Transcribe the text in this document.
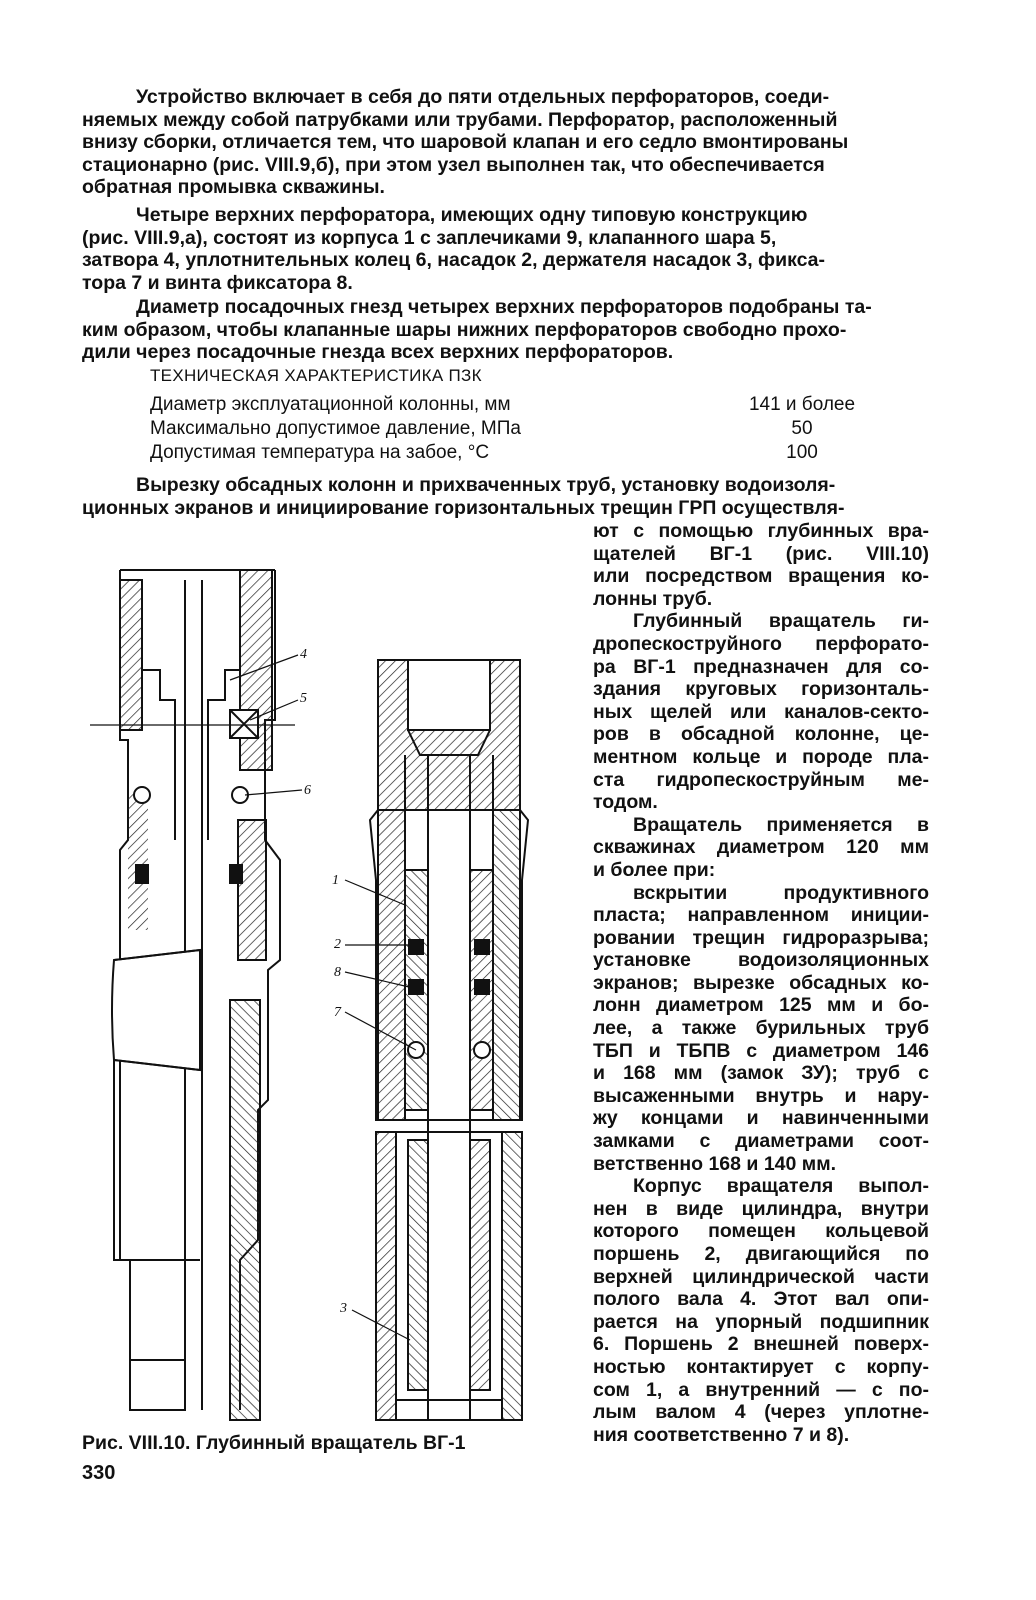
Устройство включает в себя до пяти отдельных перфораторов, соеди-
няемых между собой патрубками или трубами. Перфоратор, расположенный
внизу сборки, отличается тем, что шаровой клапан и его седло вмонтированы
стационарно (рис. VIII.9,б), при этом узел выполнен так, что обеспечивается
обратная промывка скважины.
Четыре верхних перфоратора, имеющих одну типовую конструкцию
(рис. VIII.9,а), состоят из корпуса 1 с заплечиками 9, клапанного шара 5,
затвора 4, уплотнительных колец 6, насадок 2, держателя насадок 3, фикса-
тора 7 и винта фиксатора 8.
Диаметр посадочных гнезд четырех верхних перфораторов подобраны та-
ким образом, чтобы клапанные шары нижних перфораторов свободно прохо-
дили через посадочные гнезда всех верхних перфораторов.
ТЕХНИЧЕСКАЯ ХАРАКТЕРИСТИКА ПЗК
Диаметр эксплуатационной колонны, мм	141 и более
Максимально допустимое давление, МПа	50
Допустимая температура на забое, °С	100
Вырезку обсадных колонн и прихваченных труб, установку водоизоля-
ционных экранов и инициирование горизонтальных трещин ГРП осуществля-
ют с помощью глубинных вра-
щателей ВГ-1 (рис. VIII.10)
или посредством вращения ко-
лонны труб.
Глубинный вращатель ги-
дропескоструйного перфорато-
ра ВГ-1 предназначен для со-
здания круговых горизонталь-
ных щелей или каналов-секто-
ров в обсадной колонне, це-
ментном кольце и породе пла-
ста гидропескоструйным ме-
тодом.
Вращатель применяется в
скважинах диаметром 120 мм
и более при:
вскрытии продуктивного
пласта; направленном иниции-
ровании трещин гидроразрыва;
установке водоизоляционных
экранов; вырезке обсадных ко-
лонн диаметром 125 мм и бо-
лее, а также бурильных труб
ТБП и ТБПВ с диаметром 146
и 168 мм (замок ЗУ); труб с
высаженными внутрь и нару-
жу концами и навинченными
замками с диаметрами соот-
ветственно 168 и 140 мм.
Корпус вращателя выпол-
нен в виде цилиндра, внутри
которого помещен кольцевой
поршень 2, двигающийся по
верхней цилиндрической части
полого вала 4. Этот вал опи-
рается на упорный подшипник
6. Поршень 2 внешней поверх-
ностью контактирует с корпу-
сом 1, а внутренний — с по-
лым валом 4 (через уплотне-
ния соответственно 7 и 8).
4
5
6
1
2
8
7
3
Рис. VIII.10. Глубинный вращатель ВГ-1
330
